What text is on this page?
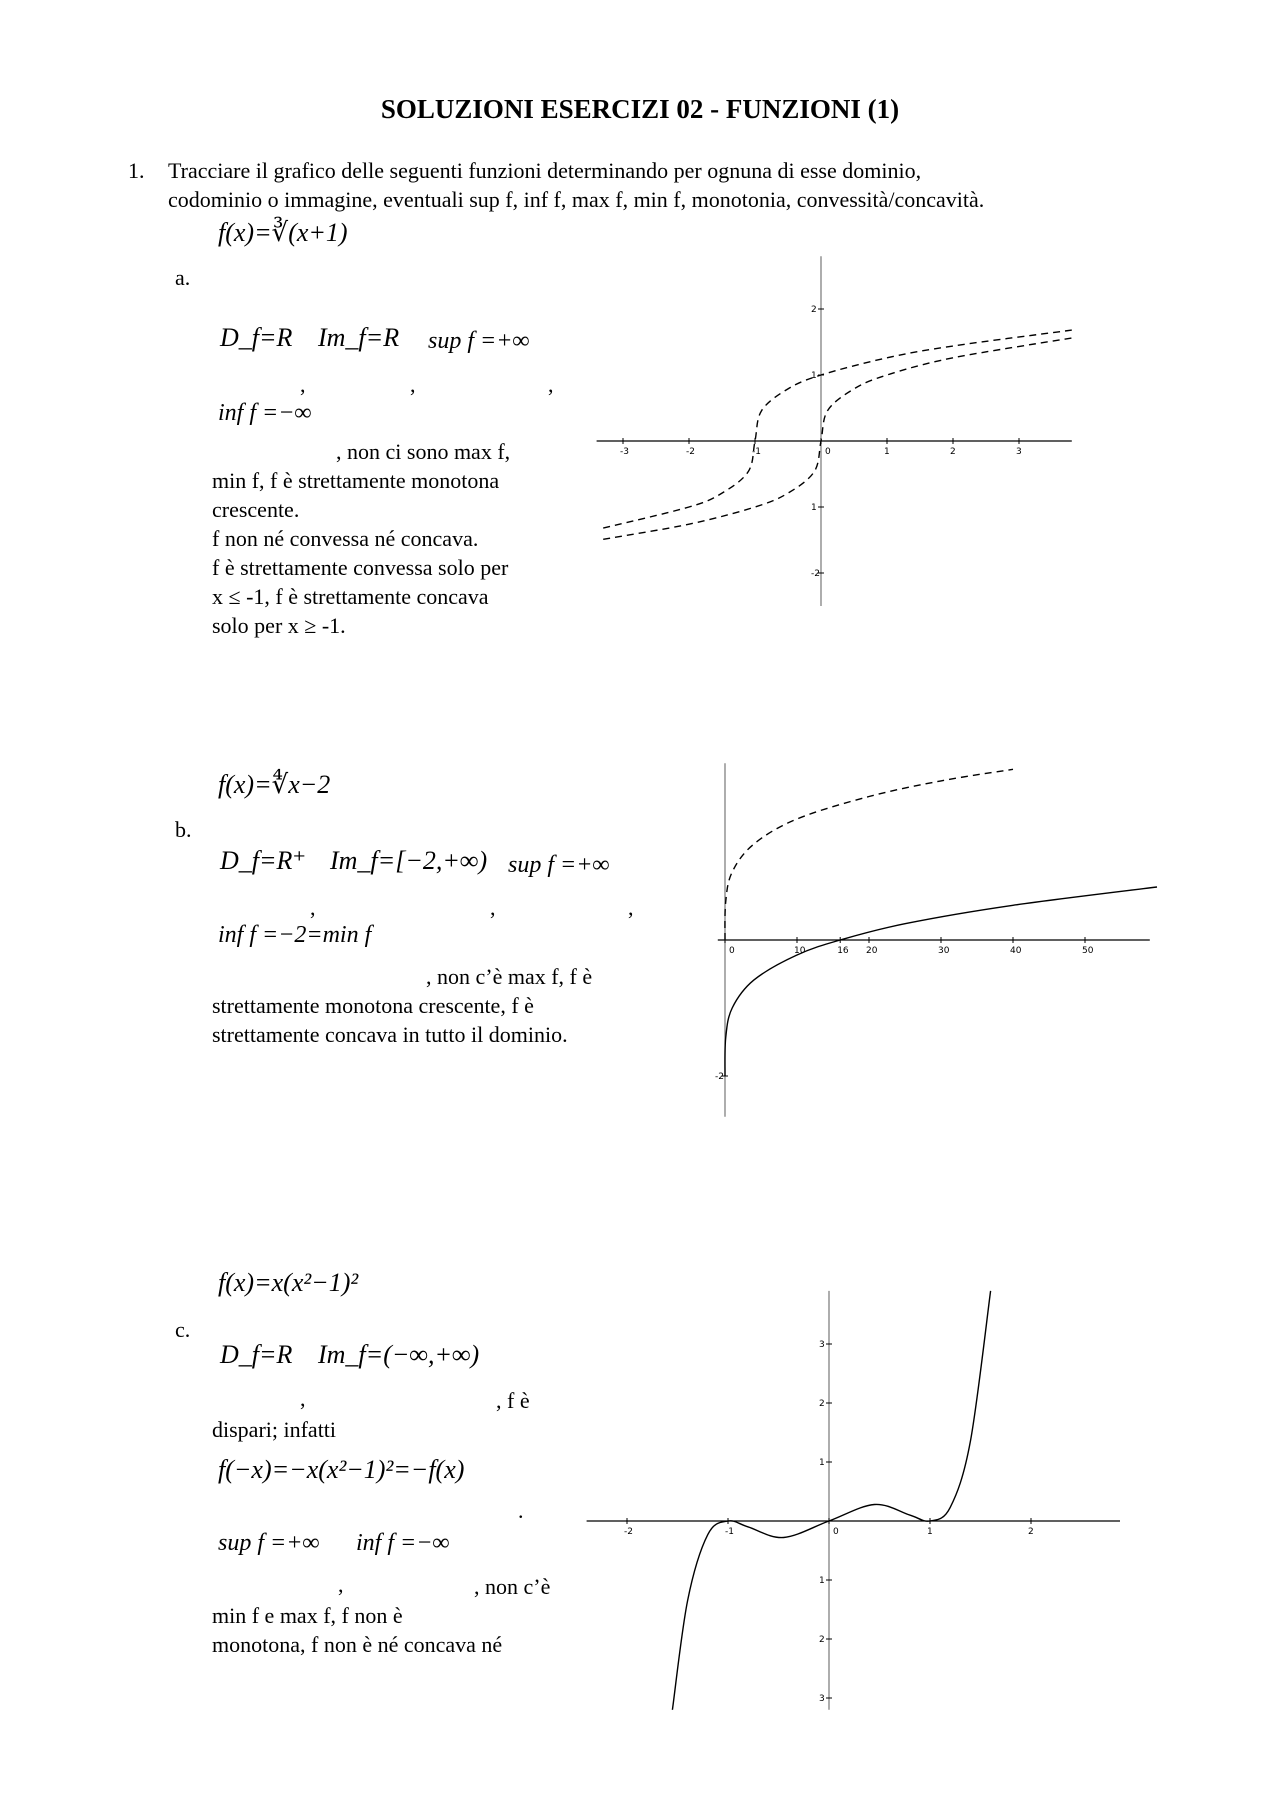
SOLUZIONI ESERCIZI 02 - FUNZIONI (1)
1. Tracciare il grafico delle seguenti funzioni determinando per ognuna di esse dominio,
codominio o immagine, eventuali sup f, inf f, max f, min f, monotonia, convessità/concavità.
f(x)=∛(x+1)
a.
D_f=R Im_f=R sup f =+∞
,	,	,
inf f =−∞
, non ci sono max f,
min f, f è strettamente monotona
crescente.
f non né convessa né concava.
f è strettamente convessa solo per
x ≤ -1, f è strettamente concava
solo per x ≥ -1.
-3	-2	-1	0	1	2	3
2
1
1
-2
f(x)=∜x−2
b.
D_f=R⁺ Im_f=[−2,+∞) sup f =+∞
,	,	,
inf f =−2=min f
, non c’è max f, f è
strettamente monotona crescente, f è
strettamente concava in tutto il dominio.
0	10	16 20	30	40	50
-2
f(x)=x(x²−1)²
c.
D_f=R Im_f=(−∞,+∞)
,	, f è
dispari; infatti
f(−x)=−x(x²−1)²=−f(x)
.
sup f =+∞ inf f =−∞
,	, non c’è
min f e max f, f non è
monotona, f non è né concava né
-2	-1	0	1	2
3
2
1
1
2
3
